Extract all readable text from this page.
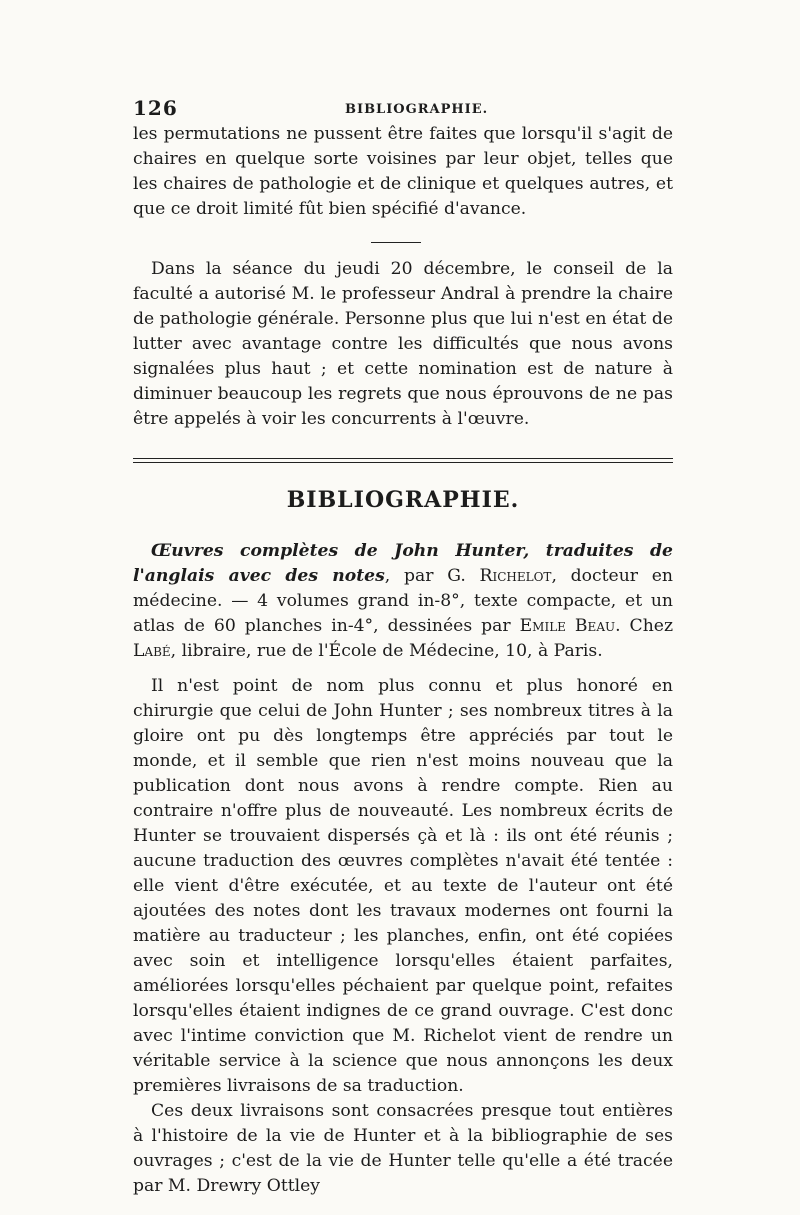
126	BIBLIOGRAPHIE.

les permutations ne pussent être faites que lorsqu'il s'agit de chaires en quelque sorte voisines par leur objet, telles que les chaires de pathologie et de clinique et quelques autres, et que ce droit limité fût bien spécifié d'avance.

Dans la séance du jeudi 20 décembre, le conseil de la faculté a autorisé M. le professeur Andral à prendre la chaire de pathologie générale. Personne plus que lui n'est en état de lutter avec avantage contre les difficultés que nous avons signalées plus haut ; et cette nomination est de nature à diminuer beaucoup les regrets que nous éprouvons de ne pas être appelés à voir les concurrents à l'œuvre.

BIBLIOGRAPHIE.

Œuvres complètes de John Hunter, traduites de l'anglais avec des notes, par G. Richelot, docteur en médecine. — 4 volumes grand in-8°, texte compacte, et un atlas de 60 planches in-4°, dessinées par Emile Beau. Chez Labé, libraire, rue de l'École de Médecine, 10, à Paris.

Il n'est point de nom plus connu et plus honoré en chirurgie que celui de John Hunter ; ses nombreux titres à la gloire ont pu dès longtemps être appréciés par tout le monde, et il semble que rien n'est moins nouveau que la publication dont nous avons à rendre compte. Rien au contraire n'offre plus de nouveauté. Les nombreux écrits de Hunter se trouvaient dispersés çà et là : ils ont été réunis ; aucune traduction des œuvres complètes n'avait été tentée : elle vient d'être exécutée, et au texte de l'auteur ont été ajoutées des notes dont les travaux modernes ont fourni la matière au traducteur ; les planches, enfin, ont été copiées avec soin et intelligence lorsqu'elles étaient parfaites, améliorées lorsqu'elles péchaient par quelque point, refaites lorsqu'elles étaient indignes de ce grand ouvrage. C'est donc avec l'intime conviction que M. Richelot vient de rendre un véritable service à la science que nous annonçons les deux premières livraisons de sa traduction.

Ces deux livraisons sont consacrées presque tout entières à l'histoire de la vie de Hunter et à la bibliographie de ses ouvrages ; c'est de la vie de Hunter telle qu'elle a été tracée par M. Drewry Ottley
